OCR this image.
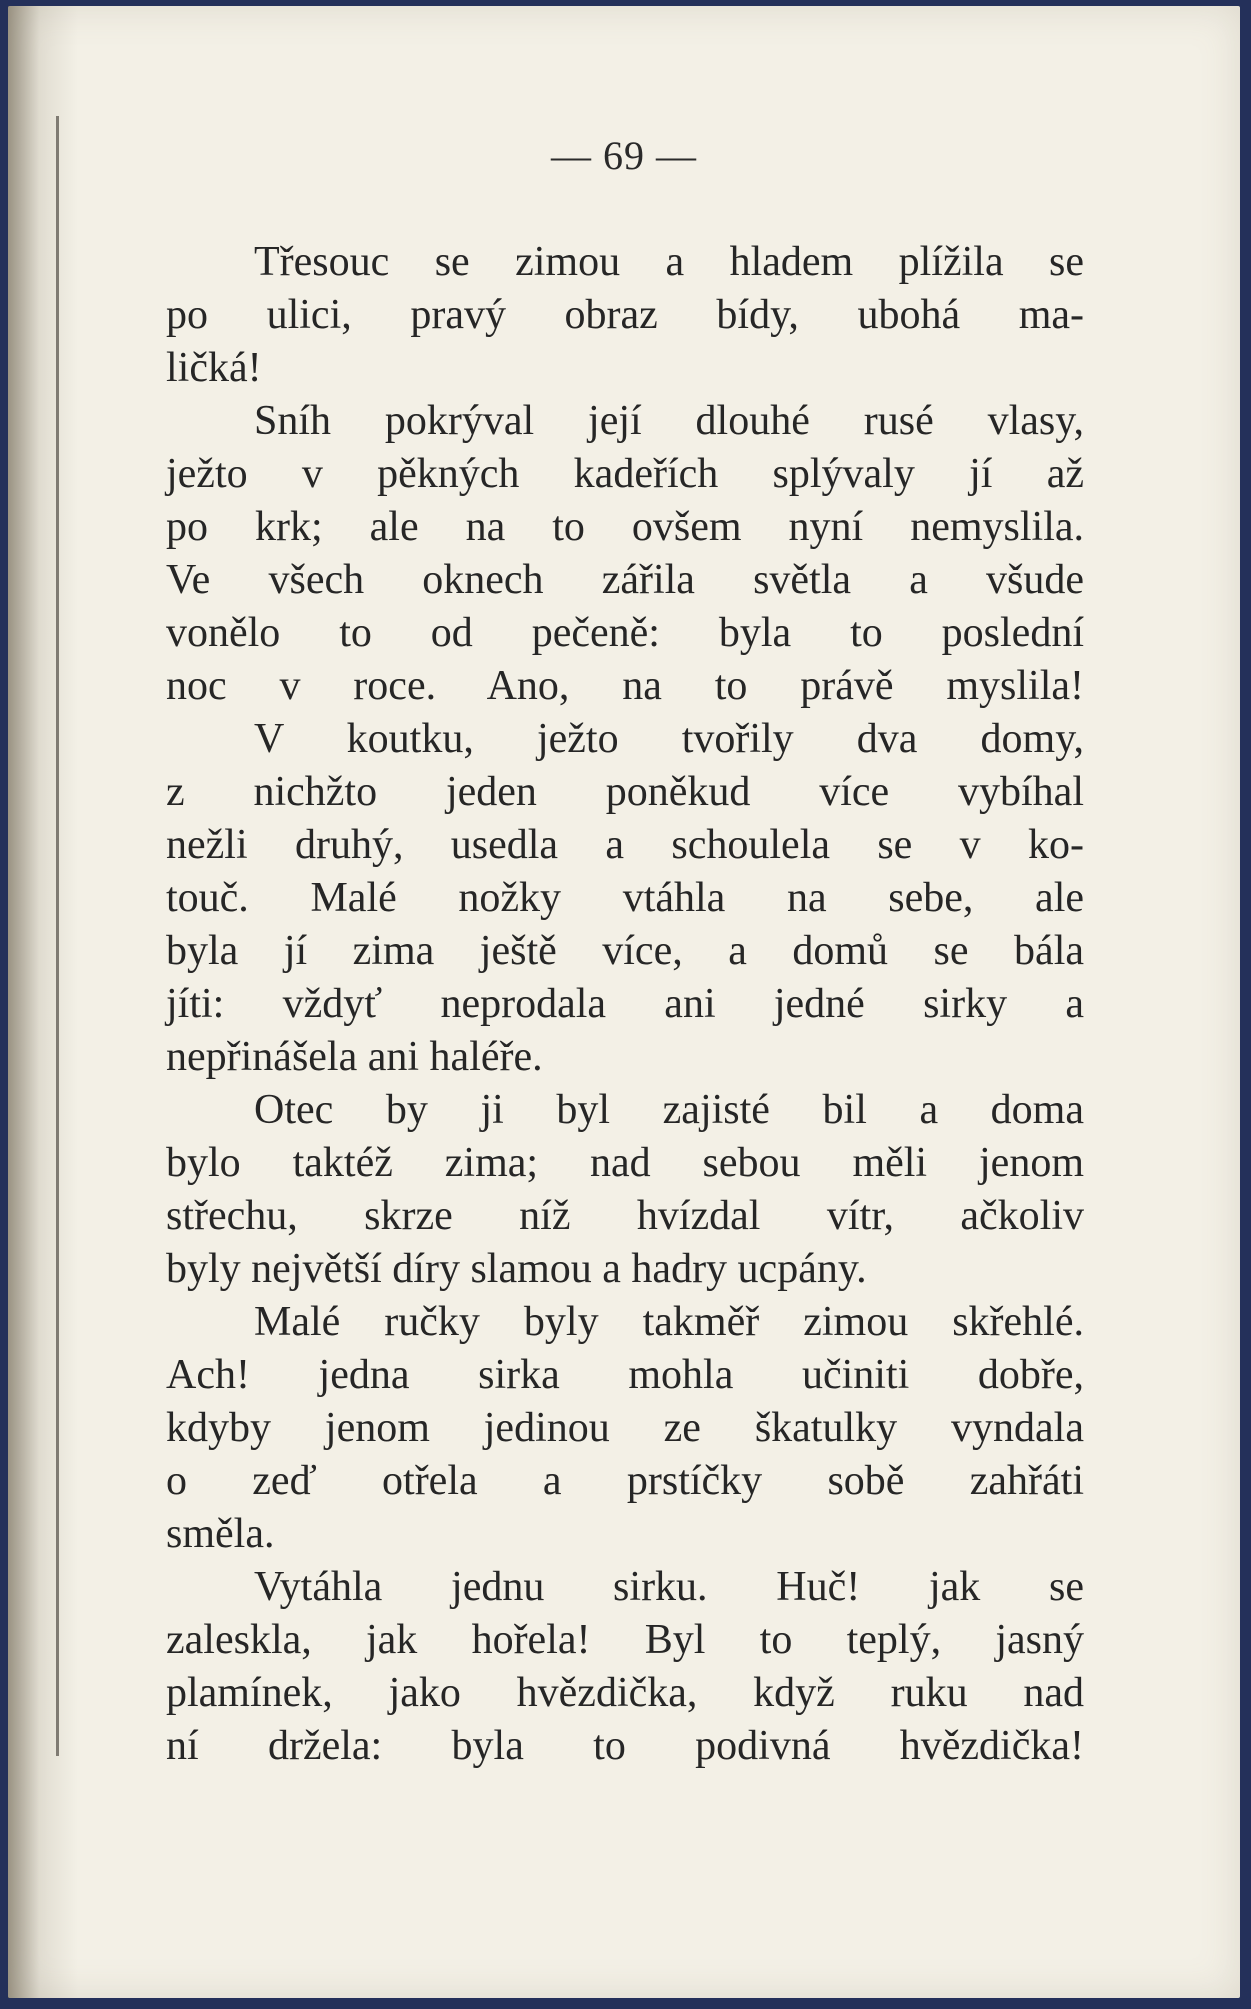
— 69 —
Třesouc se zimou a hladem plížila se
po ulici, pravý obraz bídy, ubohá ma-
ličká!
Sníh pokrýval její dlouhé rusé vlasy,
ježto v pěkných kadeřích splývaly jí až
po krk; ale na to ovšem nyní nemyslila.
Ve všech oknech zářila světla a všude
vonělo to od pečeně: byla to poslední
noc v roce. Ano, na to právě myslila!
V koutku, ježto tvořily dva domy,
z nichžto jeden poněkud více vybíhal
nežli druhý, usedla a schoulela se v ko-
touč. Malé nožky vtáhla na sebe, ale
byla jí zima ještě více, a domů se bála
jíti: vždyť neprodala ani jedné sirky a
nepřinášela ani haléře.
Otec by ji byl zajisté bil a doma
bylo taktéž zima; nad sebou měli jenom
střechu, skrze níž hvízdal vítr, ačkoliv
byly největší díry slamou a hadry ucpány.
Malé ručky byly takměř zimou skřehlé.
Ach! jedna sirka mohla učiniti dobře,
kdyby jenom jedinou ze škatulky vyndala
o zeď otřela a prstíčky sobě zahřáti
směla.
Vytáhla jednu sirku. Huč! jak se
zaleskla, jak hořela! Byl to teplý, jasný
plamínek, jako hvězdička, když ruku nad
ní držela: byla to podivná hvězdička!
